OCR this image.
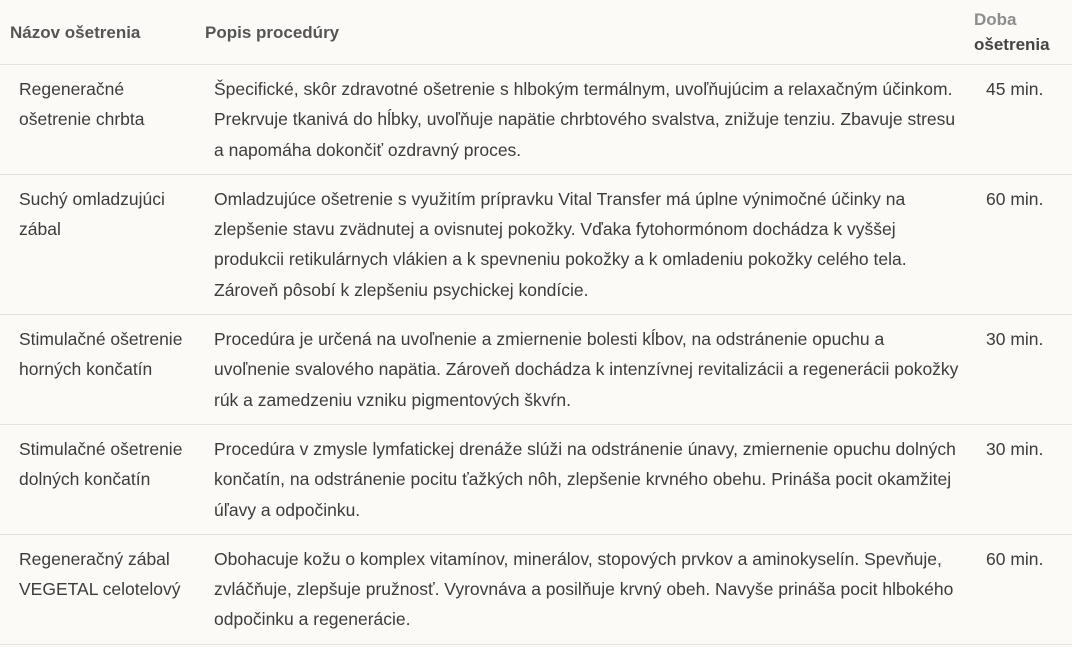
Názov ošetrenia	Popis procedúry	Doba
ošetrenia

Regeneračné ošetrenie chrbta	Špecifické, skôr zdravotné ošetrenie s hlbokým termálnym, uvoľňujúcim a relaxačným účinkom. Prekrvuje tkanivá do hĺbky, uvoľňuje napätie chrbtového svalstva, znižuje tenziu. Zbavuje stresu a napomáha dokončiť ozdravný proces.	45 min.
Suchý omladzujúci zábal	Omladzujúce ošetrenie s využitím prípravku Vital Transfer má úplne výnimočné účinky na zlepšenie stavu zvädnutej a ovisnutej pokožky. Vďaka fytohormónom dochádza k vyššej produkcii retikulárnych vlákien a k spevneniu pokožky a k omladeniu pokožky celého tela. Zároveň pôsobí k zlepšeniu psychickej kondície.	60 min.
Stimulačné ošetrenie horných končatín	Procedúra je určená na uvoľnenie a zmiernenie bolesti kĺbov, na odstránenie opuchu a uvoľnenie svalového napätia. Zároveň dochádza k intenzívnej revitalizácii a regenerácii pokožky rúk a zamedzeniu vzniku pigmentových škvŕn.	30 min.
Stimulačné ošetrenie dolných končatín	Procedúra v zmysle lymfatickej drenáže slúži na odstránenie únavy, zmiernenie opuchu dolných končatín, na odstránenie pocitu ťažkých nôh, zlepšenie krvného obehu. Prináša pocit okamžitej úľavy a odpočinku.	30 min.
Regeneračný zábal VEGETAL celotelový	Obohacuje kožu o komplex vitamínov, minerálov, stopových prvkov a aminokyselín. Spevňuje, zvláčňuje, zlepšuje pružnosť. Vyrovnáva a posilňuje krvný obeh. Navyše prináša pocit hlbokého odpočinku a regenerácie.	60 min.
